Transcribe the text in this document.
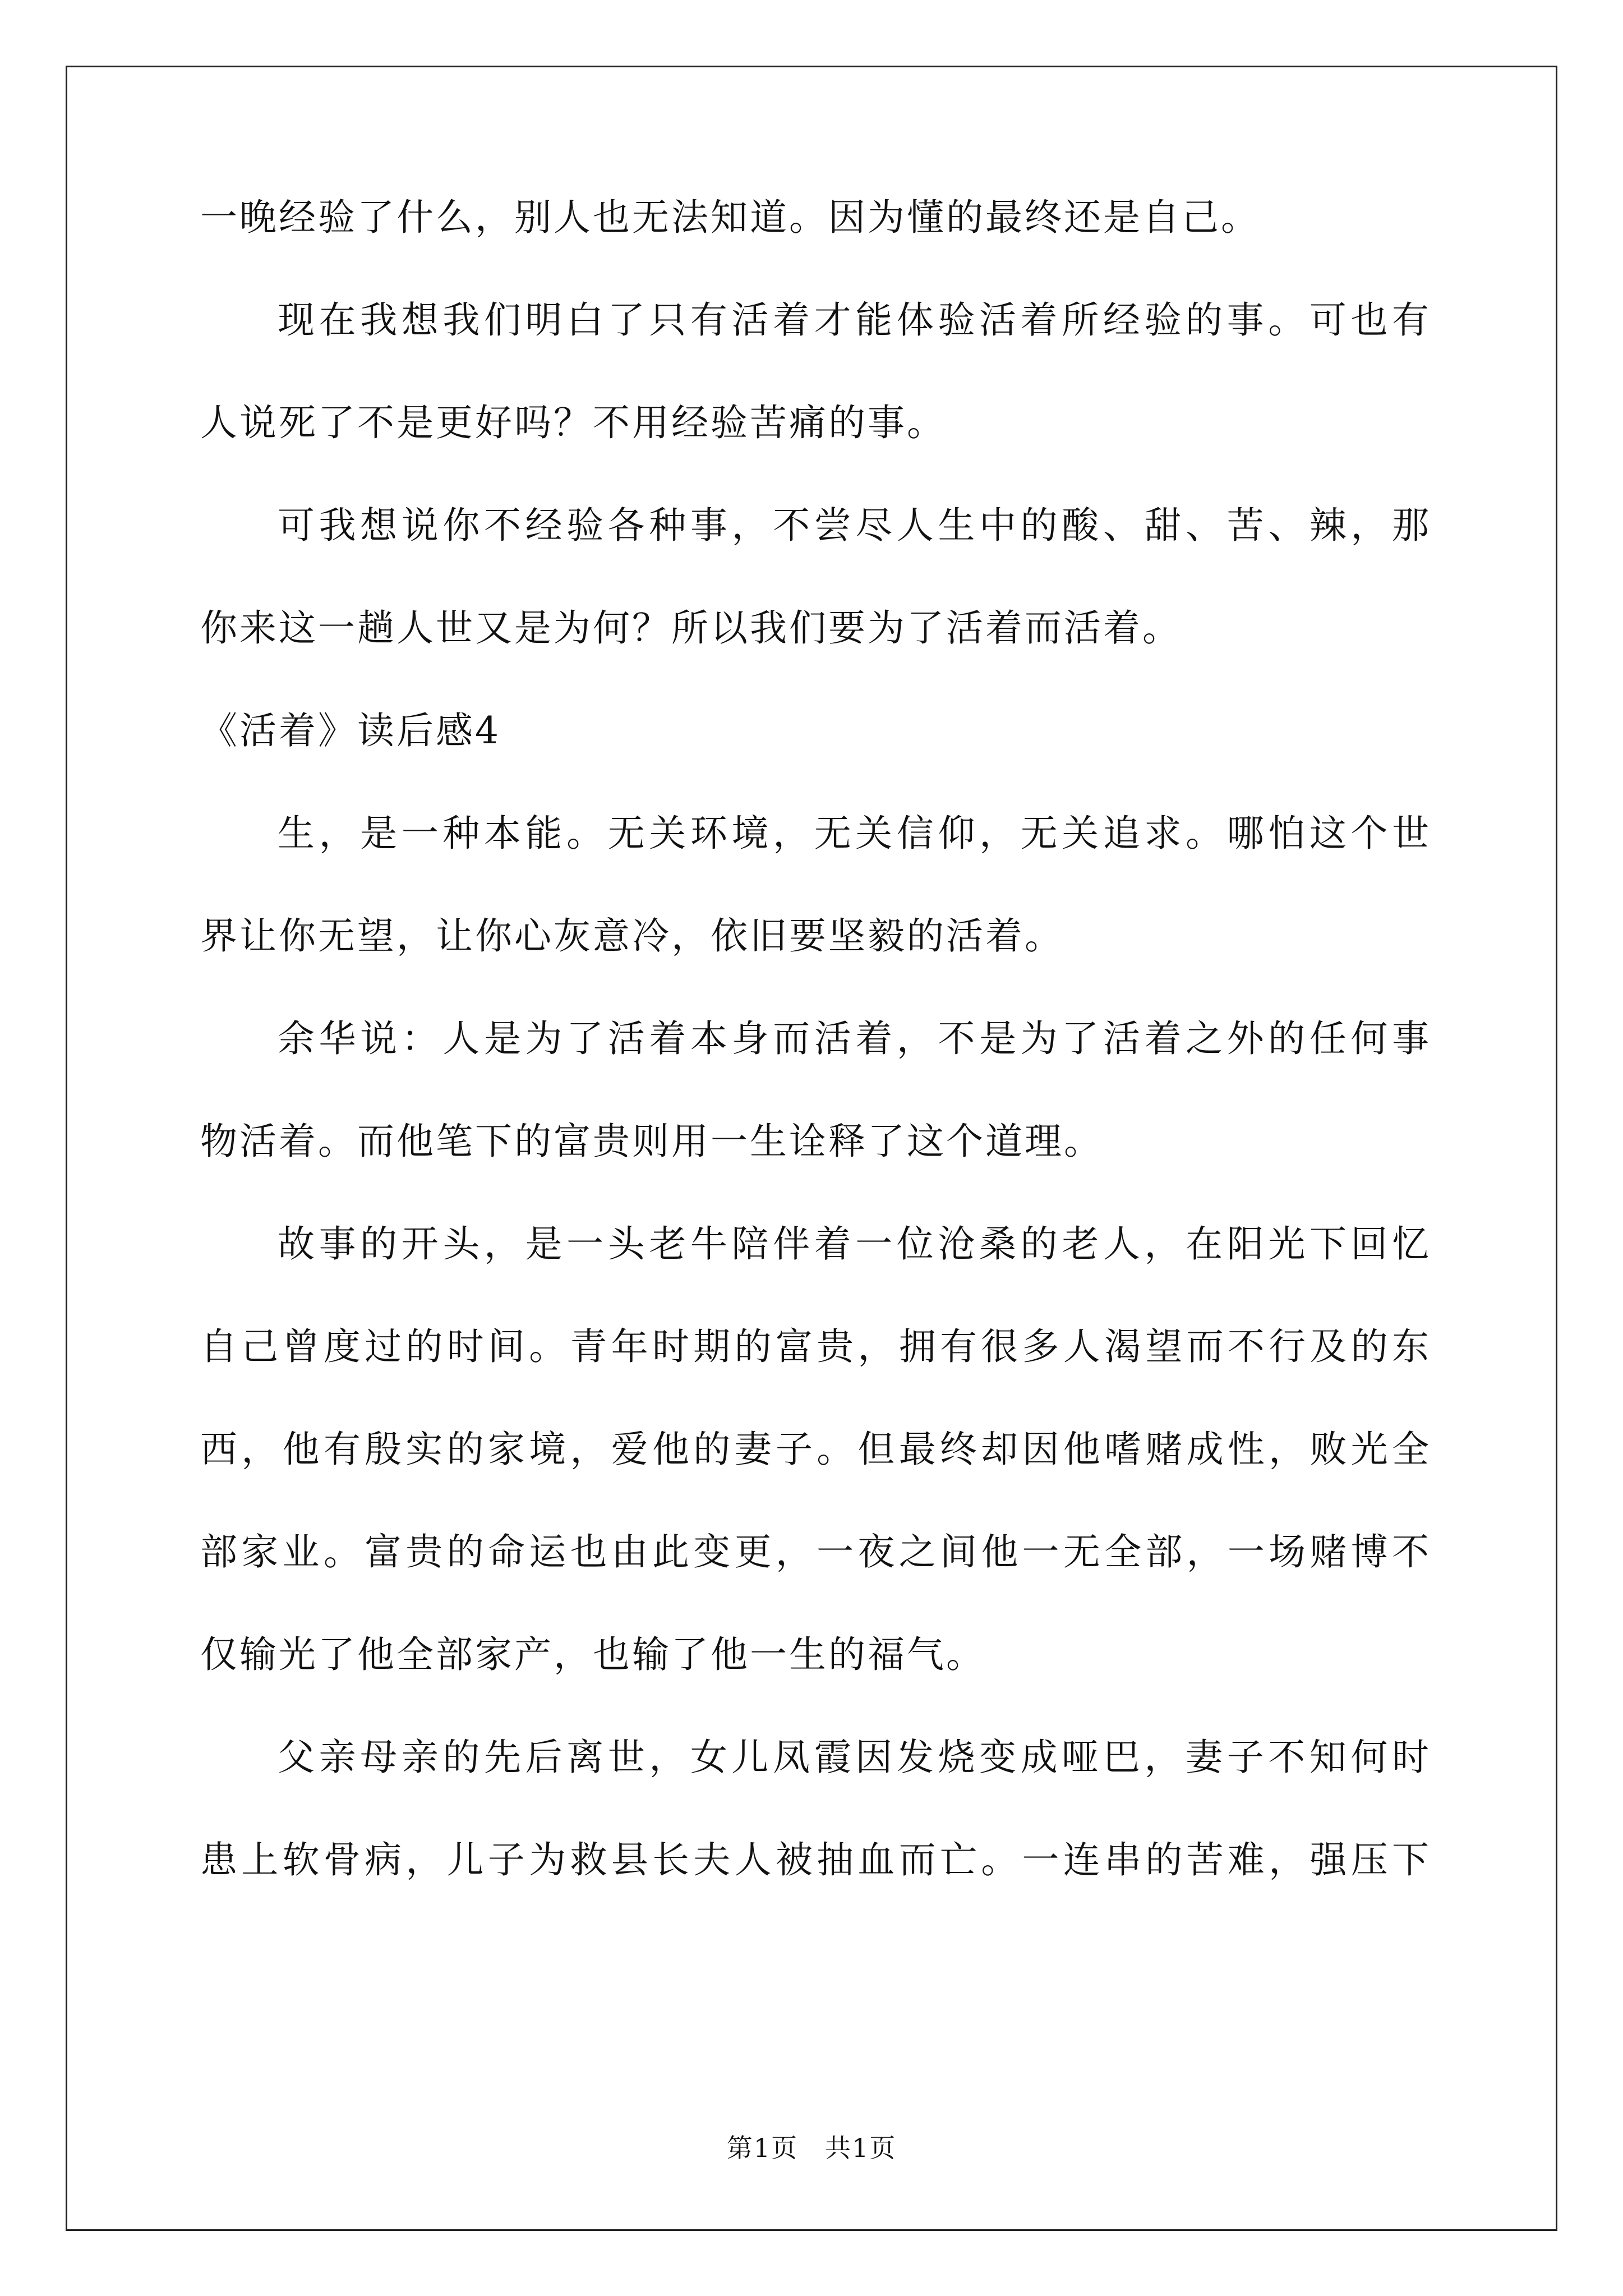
一晚经验了什么，别人也无法知道。因为懂的最终还是自己。
现在我想我们明白了只有活着才能体验活着所经验的事。可也有
人说死了不是更好吗？不用经验苦痛的事。
可我想说你不经验各种事，不尝尽人生中的酸、甜、苦、辣，那
你来这一趟人世又是为何？所以我们要为了活着而活着。
《活着》读后感4
生，是一种本能。无关环境，无关信仰，无关追求。哪怕这个世
界让你无望，让你心灰意冷，依旧要坚毅的活着。
余华说：人是为了活着本身而活着，不是为了活着之外的任何事
物活着。而他笔下的富贵则用一生诠释了这个道理。
故事的开头，是一头老牛陪伴着一位沧桑的老人，在阳光下回忆
自己曾度过的时间。青年时期的富贵，拥有很多人渴望而不行及的东
西，他有殷实的家境，爱他的妻子。但最终却因他嗜赌成性，败光全
部家业。富贵的命运也由此变更，一夜之间他一无全部，一场赌博不
仅输光了他全部家产，也输了他一生的福气。
父亲母亲的先后离世，女儿凤霞因发烧变成哑巴，妻子不知何时
患上软骨病，儿子为救县长夫人被抽血而亡。一连串的苦难，强压下
第1页　共1页
